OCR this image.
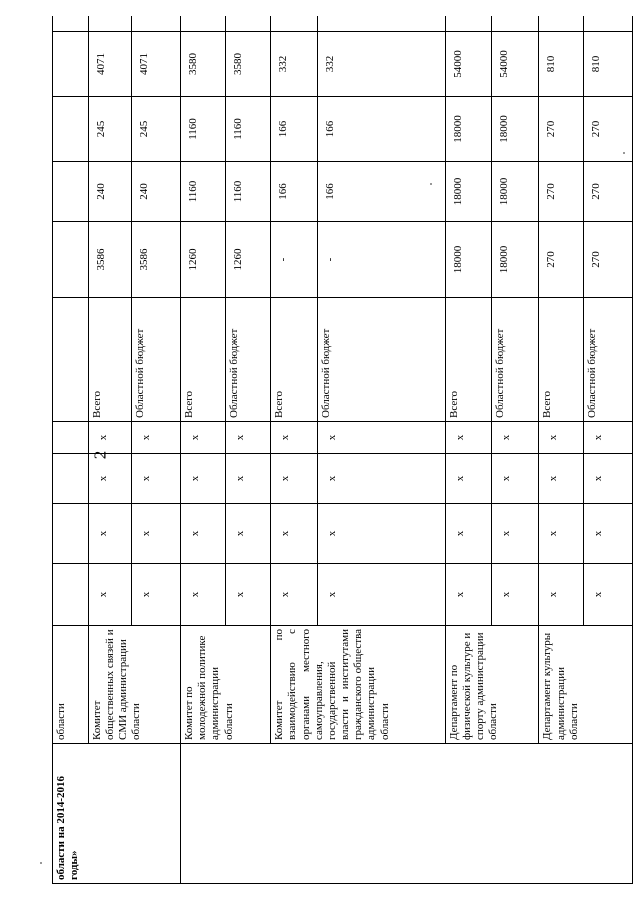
2
области на 2014-2016 годы»	области										
	Комитет общественных связей и СМИ администрации области	х	х	х	х	Всего	3586	240	245	4071	
		х	х	х	х	Областной бюджет	3586	240	245	4071	
	Комитет по молодежной политике администрации области	х	х	х	х	Всего	1260	1160	1160	3580	
		х	х	х	х	Областной бюджет	1260	1160	1160	3580	
	Комитет по взаимодействию с органами местного самоуправления, государственной власти и институтами гражданского общества администрации области	х	х	х	х	Всего	-	166	166	332	
		х	х	х	х	Областной бюджет	-	166	166	332	
	Департамент по физической культуре и спорту администрации области	х	х	х	х	Всего	18000	18000	18000	54000	
		х	х	х	х	Областной бюджет	18000	18000	18000	54000	
	Департамент культуры администрации области	х	х	х	х	Всего	270	270	270	810	
		х	х	х	х	Областной бюджет	270	270	270	810	
